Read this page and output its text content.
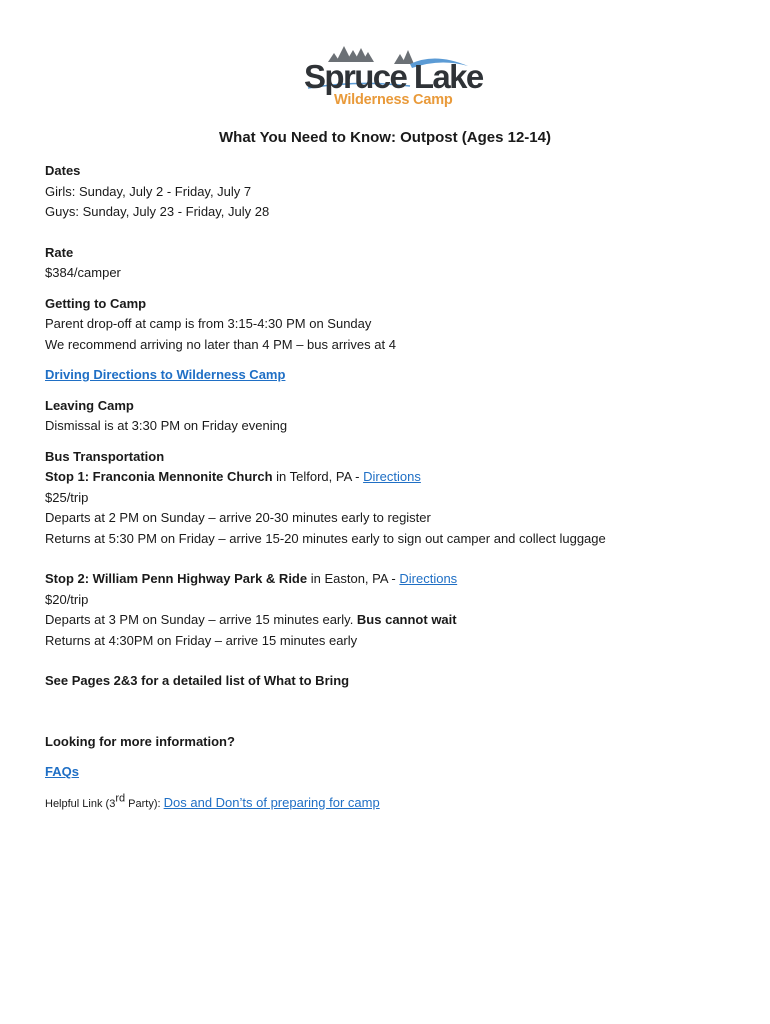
Spruce Lake
Wilderness Camp
What You Need to Know: Outpost (Ages 12-14)
Dates
Girls: Sunday, July 2 - Friday, July 7
Guys: Sunday, July 23 - Friday, July 28
Rate
$384/camper
Getting to Camp
Parent drop-off at camp is from 3:15-4:30 PM on Sunday
We recommend arriving no later than 4 PM – bus arrives at 4
Driving Directions to Wilderness Camp
Leaving Camp
Dismissal is at 3:30 PM on Friday evening
Bus Transportation
Stop 1: Franconia Mennonite Church in Telford, PA - Directions
$25/trip
Departs at 2 PM on Sunday – arrive 20-30 minutes early to register
Returns at 5:30 PM on Friday – arrive 15-20 minutes early to sign out camper and collect luggage
Stop 2: William Penn Highway Park & Ride in Easton, PA - Directions
$20/trip
Departs at 3 PM on Sunday – arrive 15 minutes early. Bus cannot wait
Returns at 4:30PM on Friday – arrive 15 minutes early
See Pages 2&3 for a detailed list of What to Bring
Looking for more information?
FAQs
Helpful Link (3rd Party): Dos and Don’ts of preparing for camp
